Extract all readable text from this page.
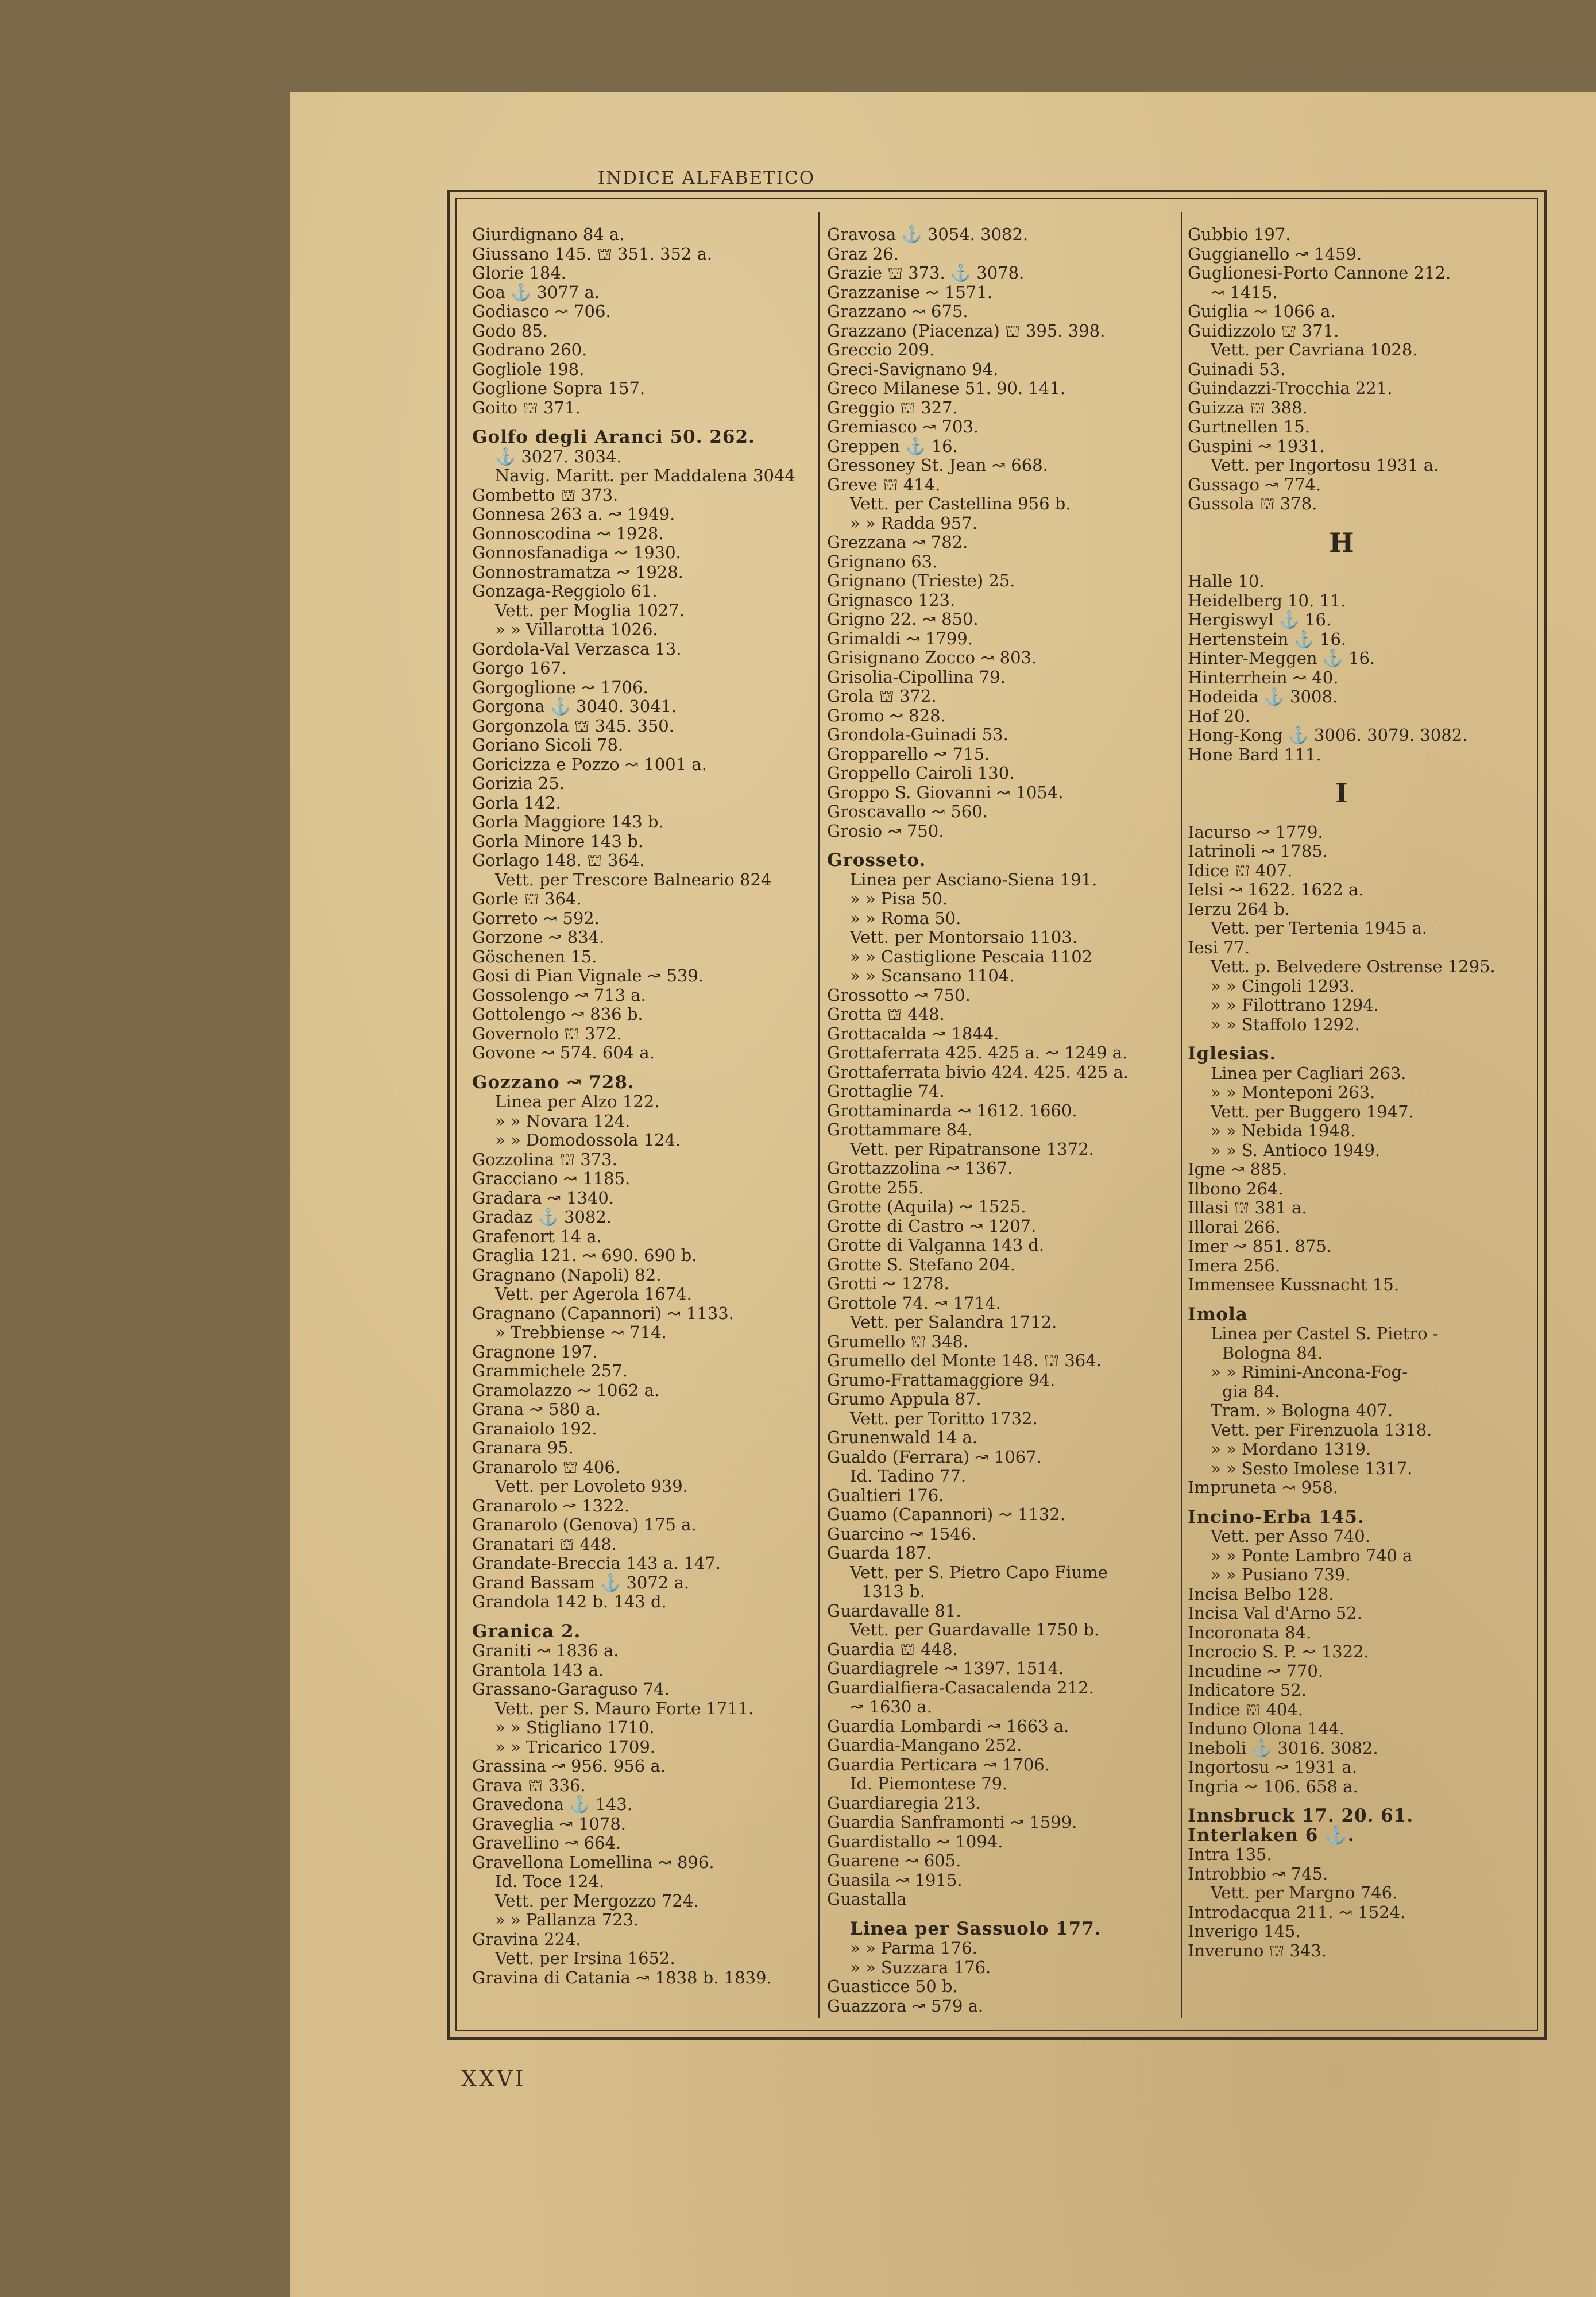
INDICE ALFABETICO
Giurdignano 84 a.
Giussano 145. ⛫ 351. 352 a.
Glorie 184.
Goa ⚓ 3077 a.
Godiasco ↝ 706.
Godo 85.
Godrano 260.
Gogliole 198.
Goglione Sopra 157.
Goito ⛫ 371.
Golfo degli Aranci 50. 262.
⚓ 3027. 3034.
Navig. Maritt. per Maddalena 3044
Gombetto ⛫ 373.
Gonnesa 263 a. ↝ 1949.
Gonnoscodina ↝ 1928.
Gonnosfanadiga ↝ 1930.
Gonnostramatza ↝ 1928.
Gonzaga-Reggiolo 61.
Vett. per Moglia 1027.
» » Villarotta 1026.
Gordola-Val Verzasca 13.
Gorgo 167.
Gorgoglione ↝ 1706.
Gorgona ⚓ 3040. 3041.
Gorgonzola ⛫ 345. 350.
Goriano Sicoli 78.
Goricizza e Pozzo ↝ 1001 a.
Gorizia 25.
Gorla 142.
Gorla Maggiore 143 b.
Gorla Minore 143 b.
Gorlago 148. ⛫ 364.
Vett. per Trescore Balneario 824
Gorle ⛫ 364.
Gorreto ↝ 592.
Gorzone ↝ 834.
Göschenen 15.
Gosi di Pian Vignale ↝ 539.
Gossolengo ↝ 713 a.
Gottolengo ↝ 836 b.
Governolo ⛫ 372.
Govone ↝ 574. 604 a.
Gozzano ↝ 728.
Linea per Alzo 122.
» » Novara 124.
» » Domodossola 124.
Gozzolina ⛫ 373.
Gracciano ↝ 1185.
Gradara ↝ 1340.
Gradaz ⚓ 3082.
Grafenort 14 a.
Graglia 121. ↝ 690. 690 b.
Gragnano (Napoli) 82.
Vett. per Agerola 1674.
Gragnano (Capannori) ↝ 1133.
» Trebbiense ↝ 714.
Gragnone 197.
Grammichele 257.
Gramolazzo ↝ 1062 a.
Grana ↝ 580 a.
Granaiolo 192.
Granara 95.
Granarolo ⛫ 406.
Vett. per Lovoleto 939.
Granarolo ↝ 1322.
Granarolo (Genova) 175 a.
Granatari ⛫ 448.
Grandate-Breccia 143 a. 147.
Grand Bassam ⚓ 3072 a.
Grandola 142 b. 143 d.
Granica 2.
Graniti ↝ 1836 a.
Grantola 143 a.
Grassano-Garaguso 74.
Vett. per S. Mauro Forte 1711.
» » Stigliano 1710.
» » Tricarico 1709.
Grassina ↝ 956. 956 a.
Grava ⛫ 336.
Gravedona ⚓ 143.
Graveglia ↝ 1078.
Gravellino ↝ 664.
Gravellona Lomellina ↝ 896.
Id. Toce 124.
Vett. per Mergozzo 724.
» » Pallanza 723.
Gravina 224.
Vett. per Irsina 1652.
Gravina di Catania ↝ 1838 b. 1839.
Gravosa ⚓ 3054. 3082.
Graz 26.
Grazie ⛫ 373. ⚓ 3078.
Grazzanise ↝ 1571.
Grazzano ↝ 675.
Grazzano (Piacenza) ⛫ 395. 398.
Greccio 209.
Greci-Savignano 94.
Greco Milanese 51. 90. 141.
Greggio ⛫ 327.
Gremiasco ↝ 703.
Greppen ⚓ 16.
Gressoney St. Jean ↝ 668.
Greve ⛫ 414.
Vett. per Castellina 956 b.
» » Radda 957.
Grezzana ↝ 782.
Grignano 63.
Grignano (Trieste) 25.
Grignasco 123.
Grigno 22. ↝ 850.
Grimaldi ↝ 1799.
Grisignano Zocco ↝ 803.
Grisolia-Cipollina 79.
Grola ⛫ 372.
Gromo ↝ 828.
Grondola-Guinadi 53.
Gropparello ↝ 715.
Groppello Cairoli 130.
Groppo S. Giovanni ↝ 1054.
Groscavallo ↝ 560.
Grosio ↝ 750.
Grosseto.
Linea per Asciano-Siena 191.
» » Pisa 50.
» » Roma 50.
Vett. per Montorsaio 1103.
» » Castiglione Pescaia 1102
» » Scansano 1104.
Grossotto ↝ 750.
Grotta ⛫ 448.
Grottacalda ↝ 1844.
Grottaferrata 425. 425 a. ↝ 1249 a.
Grottaferrata bivio 424. 425. 425 a.
Grottaglie 74.
Grottaminarda ↝ 1612. 1660.
Grottammare 84.
Vett. per Ripatransone 1372.
Grottazzolina ↝ 1367.
Grotte 255.
Grotte (Aquila) ↝ 1525.
Grotte di Castro ↝ 1207.
Grotte di Valganna 143 d.
Grotte S. Stefano 204.
Grotti ↝ 1278.
Grottole 74. ↝ 1714.
Vett. per Salandra 1712.
Grumello ⛫ 348.
Grumello del Monte 148. ⛫ 364.
Grumo-Frattamaggiore 94.
Grumo Appula 87.
Vett. per Toritto 1732.
Grunenwald 14 a.
Gualdo (Ferrara) ↝ 1067.
Id. Tadino 77.
Gualtieri 176.
Guamo (Capannori) ↝ 1132.
Guarcino ↝ 1546.
Guarda 187.
Vett. per S. Pietro Capo Fiume
1313 b.
Guardavalle 81.
Vett. per Guardavalle 1750 b.
Guardia ⛫ 448.
Guardiagrele ↝ 1397. 1514.
Guardialfiera-Casacalenda 212.
↝ 1630 a.
Guardia Lombardi ↝ 1663 a.
Guardia-Mangano 252.
Guardia Perticara ↝ 1706.
Id. Piemontese 79.
Guardiaregia 213.
Guardia Sanframonti ↝ 1599.
Guardistallo ↝ 1094.
Guarene ↝ 605.
Guasila ↝ 1915.
Guastalla
Linea per Sassuolo 177.
» » Parma 176.
» » Suzzara 176.
Guasticce 50 b.
Guazzora ↝ 579 a.
Gubbio 197.
Guggianello ↝ 1459.
Guglionesi-Porto Cannone 212.
↝ 1415.
Guiglia ↝ 1066 a.
Guidizzolo ⛫ 371.
Vett. per Cavriana 1028.
Guinadi 53.
Guindazzi-Trocchia 221.
Guizza ⛫ 388.
Gurtnellen 15.
Guspini ↝ 1931.
Vett. per Ingortosu 1931 a.
Gussago ↝ 774.
Gussola ⛫ 378.
H
Halle 10.
Heidelberg 10. 11.
Hergiswyl ⚓ 16.
Hertenstein ⚓ 16.
Hinter-Meggen ⚓ 16.
Hinterrhein ↝ 40.
Hodeida ⚓ 3008.
Hof 20.
Hong-Kong ⚓ 3006. 3079. 3082.
Hone Bard 111.
I
Iacurso ↝ 1779.
Iatrinoli ↝ 1785.
Idice ⛫ 407.
Ielsi ↝ 1622. 1622 a.
Ierzu 264 b.
Vett. per Tertenia 1945 a.
Iesi 77.
Vett. p. Belvedere Ostrense 1295.
» » Cingoli 1293.
» » Filottrano 1294.
» » Staffolo 1292.
Iglesias.
Linea per Cagliari 263.
» » Monteponi 263.
Vett. per Buggero 1947.
» » Nebida 1948.
» » S. Antioco 1949.
Igne ↝ 885.
Ilbono 264.
Illasi ⛫ 381 a.
Illorai 266.
Imer ↝ 851. 875.
Imera 256.
Immensee Kussnacht 15.
Imola
Linea per Castel S. Pietro -
Bologna 84.
» » Rimini-Ancona-Fog-
gia 84.
Tram. » Bologna 407.
Vett. per Firenzuola 1318.
» » Mordano 1319.
» » Sesto Imolese 1317.
Imprunetа ↝ 958.
Incino-Erba 145.
Vett. per Asso 740.
» » Ponte Lambro 740 a
» » Pusiano 739.
Incisa Belbo 128.
Incisa Val d'Arno 52.
Incoronata 84.
Incrocio S. P. ↝ 1322.
Incudine ↝ 770.
Indicatore 52.
Indice ⛫ 404.
Induno Olona 144.
Ineboli ⚓ 3016. 3082.
Ingortosu ↝ 1931 a.
Ingria ↝ 106. 658 a.
Innsbruck 17. 20. 61.
Interlaken 6 ⚓.
Intra 135.
Introbbio ↝ 745.
Vett. per Margno 746.
Introdacqua 211. ↝ 1524.
Inverigo 145.
Inveruno ⛫ 343.
XXVI
